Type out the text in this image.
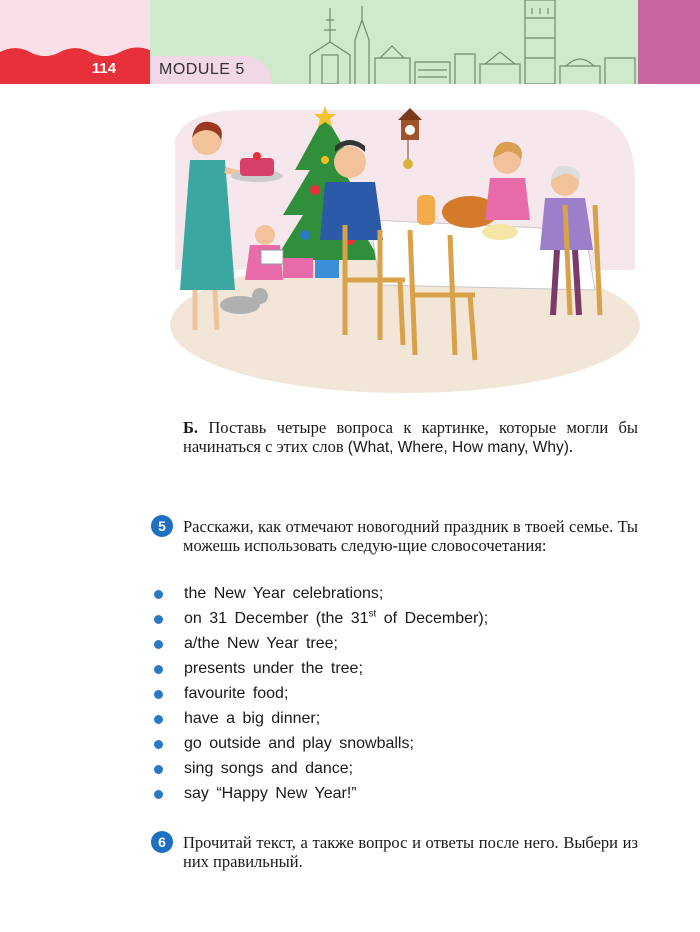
114	MODULE 5
Б. Поставь четыре вопроса к картинке, которые могли бы начинаться с этих слов (What, Where, How many, Why).
5	Расскажи, как отмечают новогодний праздник в твоей семье. Ты можешь использовать следую-щие словосочетания:
the New Year celebrations;
on 31 December (the 31st of December);
a/the New Year tree;
presents under the tree;
favourite food;
have a big dinner;
go outside and play snowballs;
sing songs and dance;
say “Happy New Year!”
6	Прочитай текст, а также вопрос и ответы после него. Выбери из них правильный.
